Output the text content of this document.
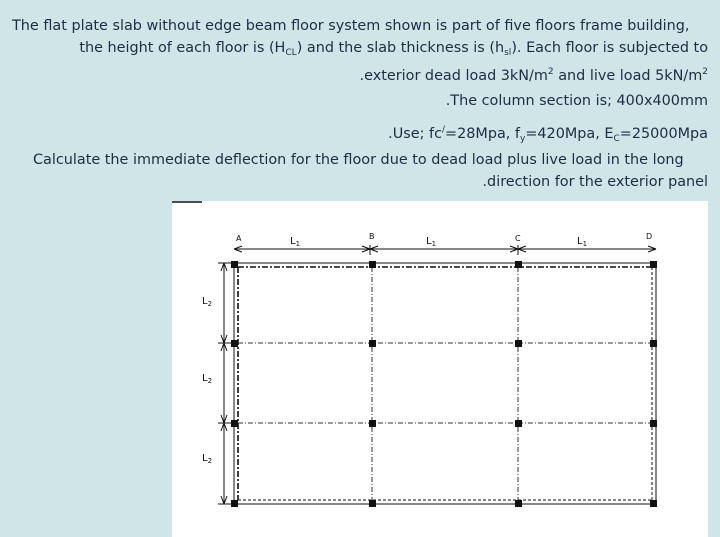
The flat plate slab without edge beam floor system shown is part of five floors frame building,
the height of each floor is $(H_{CL})$ and the slab thickness is $(h_{sl})$. Each floor is subjected to
.exterior dead load $3kN/m^2$ and live load $5kN/m^2$
.The column section is; 400x400mm
.Use; fc/=28Mpa, $f_y=420Mpa$, $E_C=25000Mpa$
Calculate the immediate deflection for the floor due to dead load plus live load in the long
.direction for the exterior panel
A	B	C	D
$L_1$	$L_1$	$L_1$
$L_2$
$L_2$
$L_2$
